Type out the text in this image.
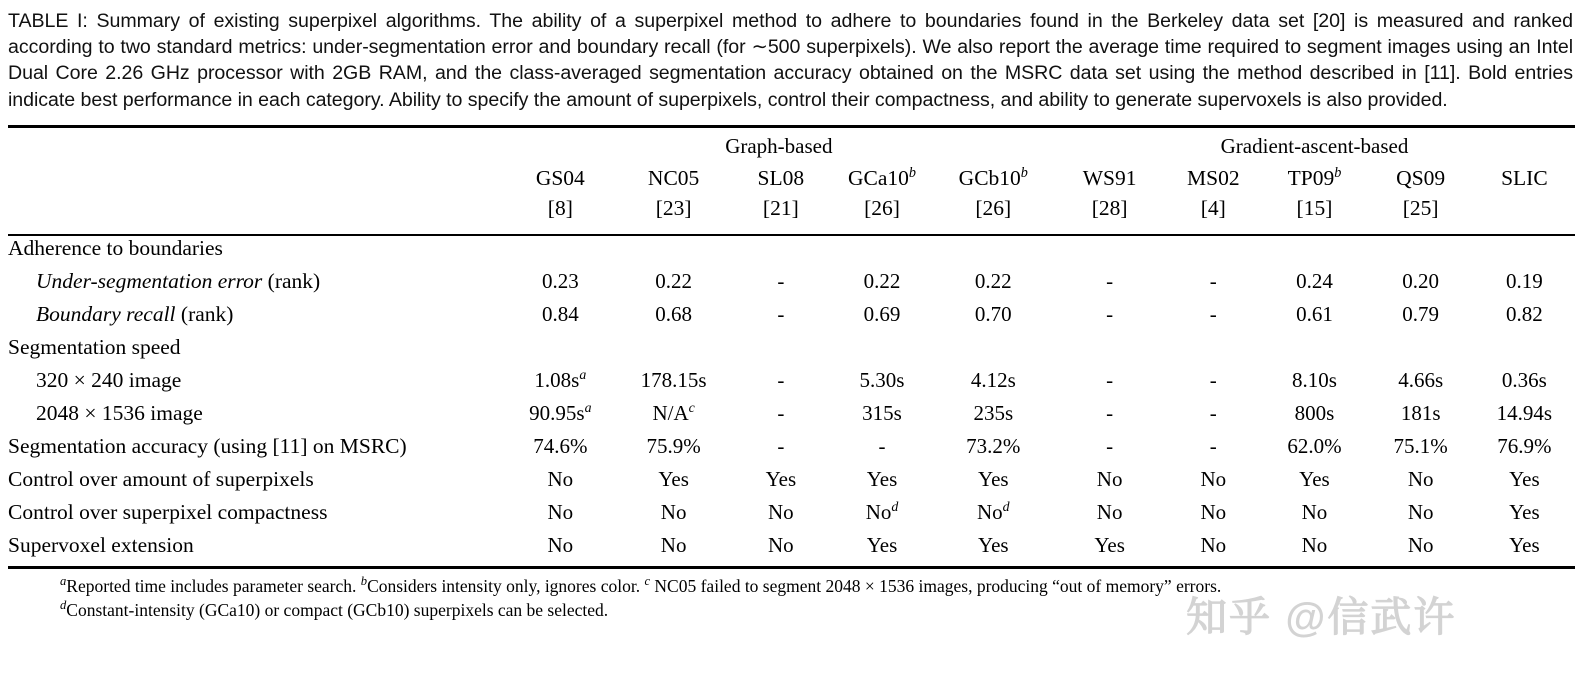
TABLE I: Summary of existing superpixel algorithms. The ability of a superpixel method to adhere to boundaries found in the Berkeley data set [20] is measured and ranked according to two standard metrics: under-segmentation error and boundary recall (for ∼500 superpixels). We also report the average time required to segment images using an Intel Dual Core 2.26 GHz processor with 2GB RAM, and the class-averaged segmentation accuracy obtained on the MSRC data set using the method described in [11]. Bold entries indicate best performance in each category. Ability to specify the amount of superpixels, control their compactness, and ability to generate supervoxels is also provided.
	Graph-based					Gradient-ascent-based				
	GS04	NC05	SL08	GCa10$^b$	GCb10$^b$	WS91	MS02	TP09$^b$	QS09	SLIC
	[8]	[23]	[21]	[26]	[26]	[28]	[4]	[15]	[25]	
Adherence to boundaries										
Under-segmentation error (rank)	0.23	0.22	-	0.22	0.22	-	-	0.24	0.20	0.19
Boundary recall (rank)	0.84	0.68	-	0.69	0.70	-	-	0.61	0.79	0.82
Segmentation speed										
320 × 240 image	$1.08s^a$	178.15s	-	5.30s	4.12s	-	-	8.10s	4.66s	0.36s
2048 × 1536 image	$90.95s^a$	$N/A^c$	-	315s	235s	-	-	800s	181s	14.94s
Segmentation accuracy (using [11] on MSRC)	74.6%	75.9%	-	-	73.2%	-	-	62.0%	75.1%	76.9%
Control over amount of superpixels	No	Yes	Yes	Yes	Yes	No	No	Yes	No	Yes
Control over superpixel compactness	No	No	No	No$^d$	No$^d$	No	No	No	No	Yes
Supervoxel extension	No	No	No	Yes	Yes	Yes	No	No	No	Yes
$^a$Reported time includes parameter search. $^b$Considers intensity only, ignores color. $^c$ NC05 failed to segment 2048 × 1536 images, producing “out of memory” errors.
$^d$Constant-intensity (GCa10) or compact (GCb10) superpixels can be selected.	知乎 @信武许
